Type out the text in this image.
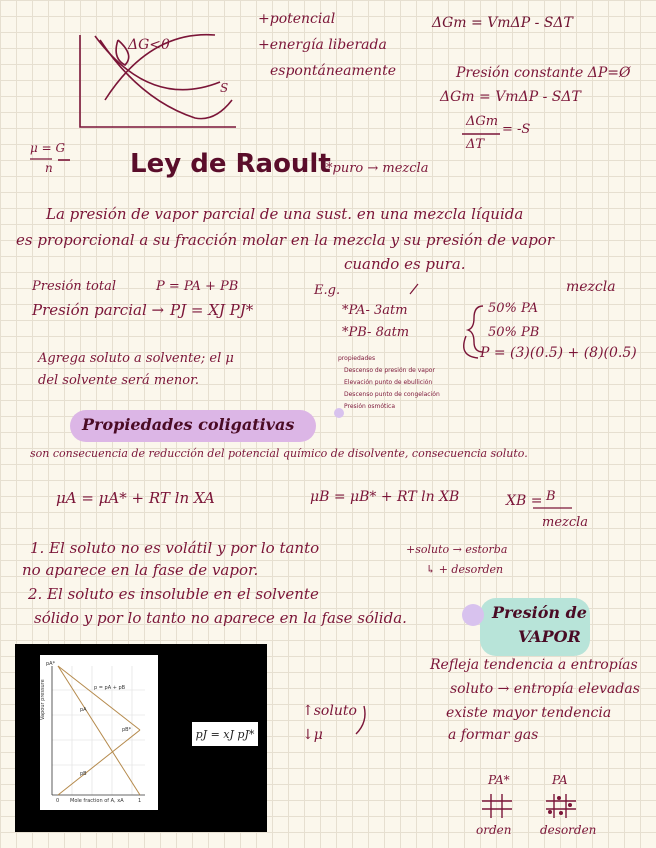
ΔG<0
S
+potencial
+energía liberada
espontáneamente
ΔGm = VmΔP - SΔT
Presión constante ΔP=Ø
ΔGm = VmΔP - SΔT
ΔGm
ΔT
= -S
μ = G
n	Ley de Raoult
*puro → mezcla
La presión de vapor parcial de una sust. en una mezcla líquida
es proporcional a su fracción molar en la mezcla y su presión de vapor
cuando es pura.
Presión total	P = PA + PB
Presión parcial → PJ = XJ PJ*
E.g.
*PA- 3atm
*PB- 8atm
50% PA
50% PB
mezcla
P = (3)(0.5) + (8)(0.5)
Agrega soluto a solvente; el μ
del solvente será menor.
propiedades
Descenso de presión de vapor
Elevación punto de ebullición
Descenso punto de congelación
Presión osmótica
Propiedades coligativas
son consecuencia de reducción del potencial químico de disolvente, consecuencia soluto.
μA = μA* + RT ln XA	μB = μB* + RT ln XB	XB = B
mezcla
1. El soluto no es volátil y por lo tanto
no aparece en la fase de vapor.
2. El soluto es insoluble en el solvente
sólido y por lo tanto no aparece en la fase sólida.
+soluto → estorba
↳ + desorden
Presión de
VAPOR
Refleja tendencia a entropías
soluto → entropía elevadas
existe mayor tendencia
a formar gas
↑soluto
↓μ
pA*
p = pA + pB
pA
pB*
pB
Vapour pressure
0 Mole fraction of A, xA	1
pJ = xJ pJ*
PA*	PA
orden desorden
